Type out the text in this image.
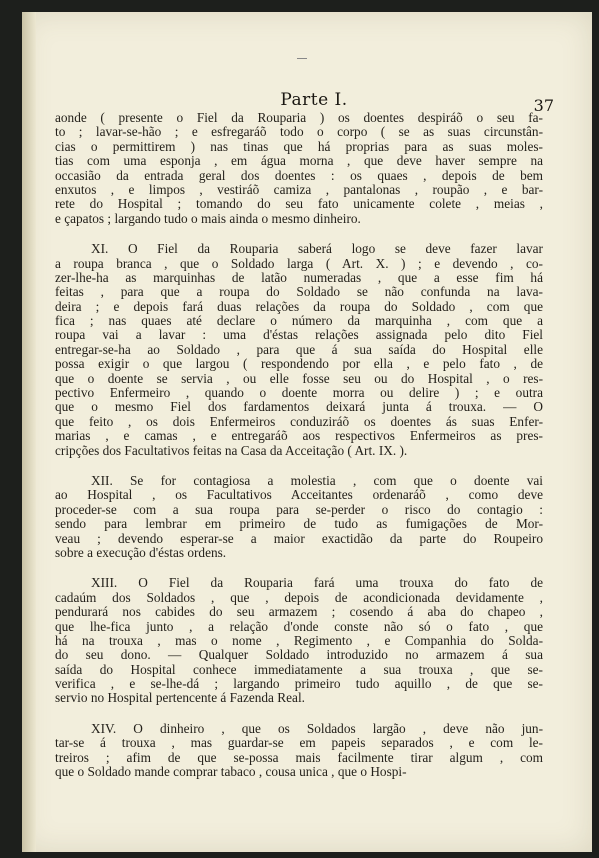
Parte I.	37
aonde ( presente o Fiel da Rouparia ) os doentes despiráõ o seu fa-
to ; lavar-se-hão ; e esfregaráõ todo o corpo ( se as suas circunstân-
cias o permittirem ) nas tinas que há proprias para as suas moles-
tias com uma esponja , em água morna , que deve haver sempre na
occasião da entrada geral dos doentes : os quaes , depois de bem
enxutos , e limpos , vestiráõ camiza , pantalonas , roupão , e bar-
rete do Hospital ; tomando do seu fato unicamente colete , meias ,
e çapatos ; largando tudo o mais ainda o mesmo dinheiro.
XI. O Fiel da Rouparia saberá logo se deve fazer lavar
a roupa branca , que o Soldado larga ( Art. X. ) ; e devendo , co-
zer-lhe-ha as marquinhas de latão numeradas , que a esse fim há
feitas , para que a roupa do Soldado se não confunda na lava-
deira ; e depois fará duas relações da roupa do Soldado , com que
fica ; nas quaes até declare o número da marquinha , com que a
roupa vai a lavar : uma d'éstas relações assignada pelo dito Fiel
entregar-se-ha ao Soldado , para que á sua saída do Hospital elle
possa exigir o que largou ( respondendo por ella , e pelo fato , de
que o doente se servia , ou elle fosse seu ou do Hospital , o res-
pectivo Enfermeiro , quando o doente morra ou delire ) ; e outra
que o mesmo Fiel dos fardamentos deixará junta á trouxa. — O
que feito , os dois Enfermeiros conduziráõ os doentes ás suas Enfer-
marias , e camas , e entregaráõ aos respectivos Enfermeiros as pres-
cripções dos Facultativos feitas na Casa da Acceitação ( Art. IX. ).
XII. Se for contagiosa a molestia , com que o doente vai
ao Hospital , os Facultativos Acceitantes ordenaráõ , como deve
proceder-se com a sua roupa para se-perder o risco do contagio :
sendo para lembrar em primeiro de tudo as fumigações de Mor-
veau ; devendo esperar-se a maior exactidão da parte do Roupeiro
sobre a execução d'éstas ordens.
XIII. O Fiel da Rouparia fará uma trouxa do fato de
cadaúm dos Soldados , que , depois de acondicionada devidamente ,
pendurará nos cabides do seu armazem ; cosendo á aba do chapeo ,
que lhe-fica junto , a relação d'onde conste não só o fato , que
há na trouxa , mas o nome , Regimento , e Companhia do Solda-
do seu dono. — Qualquer Soldado introduzido no armazem á sua
saída do Hospital conhece immediatamente a sua trouxa , que se-
verifica , e se-lhe-dá ; largando primeiro tudo aquillo , de que se-
servio no Hospital pertencente á Fazenda Real.
XIV. O dinheiro , que os Soldados largão , deve não jun-
tar-se á trouxa , mas guardar-se em papeis separados , e com le-
treiros ; afim de que se-possa mais facilmente tirar algum , com
que o Soldado mande comprar tabaco , cousa unica , que o Hospi-
